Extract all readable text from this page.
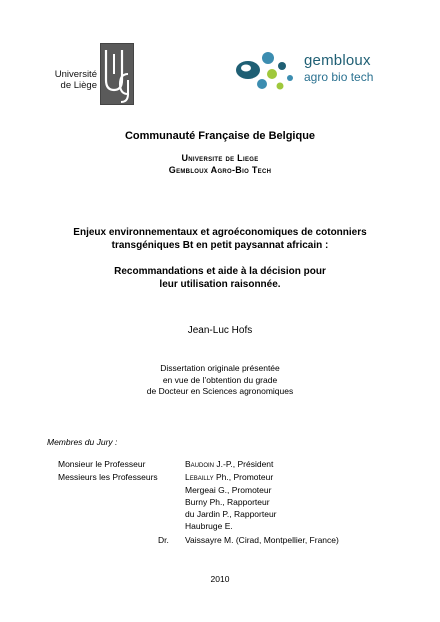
Université
de Liège
gembloux
agro bio tech
Communauté Française de Belgique
Universite de Liege
Gembloux Agro-Bio Tech
Enjeux environnementaux et agroéconomiques de cotonniers
transgéniques Bt en petit paysannat africain :
Recommandations et aide à la décision pour
leur utilisation raisonnée.
Jean-Luc Hofs
Dissertation originale présentée
en vue de l’obtention du grade
de Docteur en Sciences agronomiques
Membres du Jury :
Monsieur le Professeur
Messieurs les Professeurs
Dr.
Baudoin J.-P., Président
Lebailly Ph., Promoteur
Mergeai G., Promoteur
Burny Ph., Rapporteur
du Jardin P., Rapporteur
Haubruge E.
Vaissayre M. (Cirad, Montpellier, France)
2010
